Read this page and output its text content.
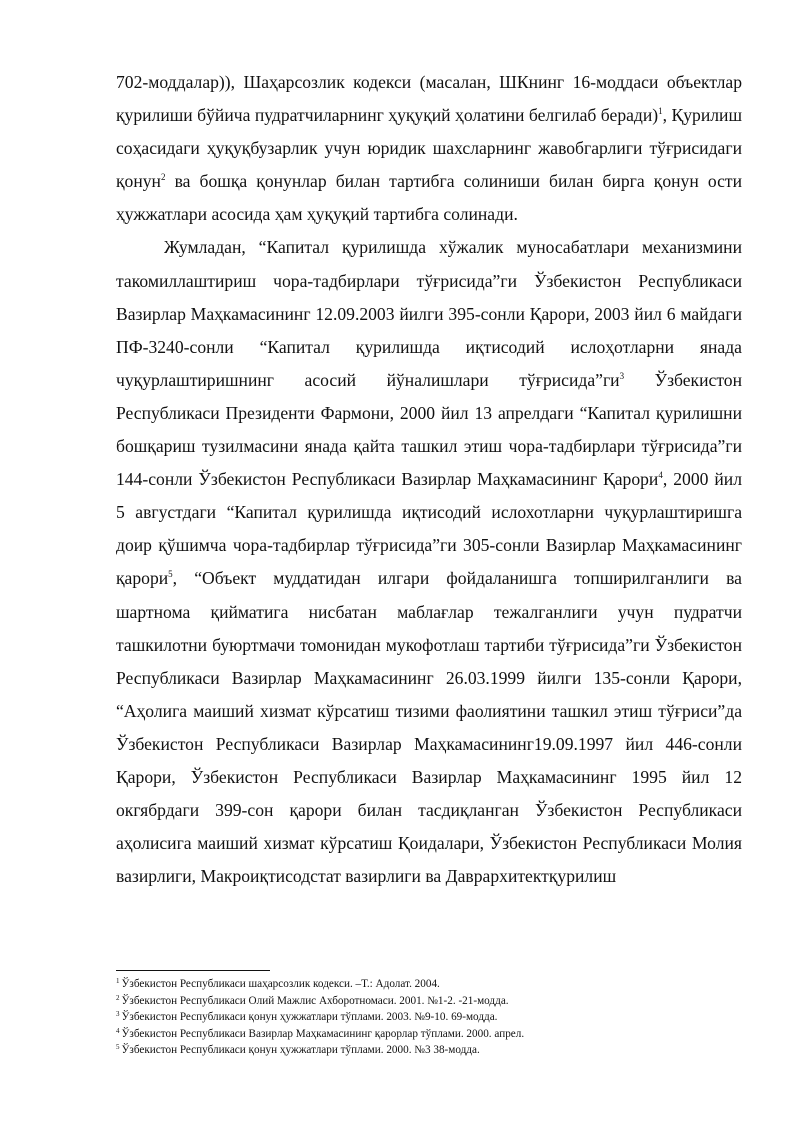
702-моддалар)), Шаҳарсозлик кодекси (масалан, ШКнинг 16-моддаси объектлар қурилиши бўйича пудратчиларнинг ҳуқуқий ҳолатини белгилаб беради)$^1$, Қурилиш соҳасидаги ҳуқуқбузарлик учун юридик шахсларнинг жавобгарлиги тўғрисидаги қонун$^2$ ва бошқа қонунлар билан тартибга солиниши билан бирга қонун ости ҳужжатлари асосида ҳам ҳуқуқий тартибга солинади.

Жумладан, “Капитал қурилишда хўжалик муносабатлари механизмини такомиллаштириш чора-тадбирлари тўғрисида”ги Ўзбекистон Республикаси Вазирлар Маҳкамасининг 12.09.2003 йилги 395-сонли Қарори, 2003 йил 6 майдаги ПФ-3240-сонли “Капитал қурилишда иқтисодий ислоҳотларни янада чуқурлаштиришнинг асосий йўналишлари $тўғрисида”ги^3$ Ўзбекистон Республикаси Президенти Фармони, 2000 йил 13 апрелдаги “Капитал қурилишни бошқариш тузилмасини янада қайта ташкил этиш чора-тадбирлари тўғрисида”ги 144-сонли Ўзбекистон Республикаси Вазирлар Маҳкамасининг Қарори$^4$, 2000 йил 5 августдаги “Капитал қурилишда иқтисодий ислохотларни чуқурлаштиришга доир қўшимча чора-тадбирлар тўғрисида”ги 305-сонли Вазирлар Маҳкамасининг қарори$^5$, “Объект муддатидан илгари фойдаланишга топширилганлиги ва шартнома қийматига нисбатан маблағлар тежалганлиги учун пудратчи ташкилотни буюртмачи томонидан мукофотлаш тартиби тўғрисида”ги Ўзбекистон Республикаси Вазирлар Маҳкамасининг 26.03.1999 йилги 135-сонли Қарори, “Аҳолига маиший хизмат кўрсатиш тизими фаолиятини ташкил этиш тўғриси”да Ўзбекистон Республикаси Вазирлар Маҳкамасининг19.09.1997 йил 446-сонли Қарори, Ўзбекистон Республикаси Вазирлар Маҳкамасининг 1995 йил 12 окгябрдаги 399-сон қарори билан тасдиқланган Ўзбекистон Республикаси аҳолисига маиший хизмат кўрсатиш Қоидалари, Ўзбекистон Республикаси Молия вазирлиги, Макроиқтисодстат вазирлиги ва Даврархитектқурилиш

$^1$ Ўзбекистон Республикаси шаҳарсозлик кодекси. –Т.: Адолат. 2004.

$^2$ Ўзбекистон Республикаси Олий Мажлис Ахборотномаси. 2001. №1-2. -21-модда.

$^3$ Ўзбекистон Республикаси қонун ҳужжатлари тўплами. 2003. №9-10. 69-модда.

$^4$ Ўзбекистон Республикаси Вазирлар Маҳкамасининг қарорлар тўплами. 2000. апрел.

$^5$ Ўзбекистон Республикаси қонун ҳужжатлари тўплами. 2000. №3 38-модда.
